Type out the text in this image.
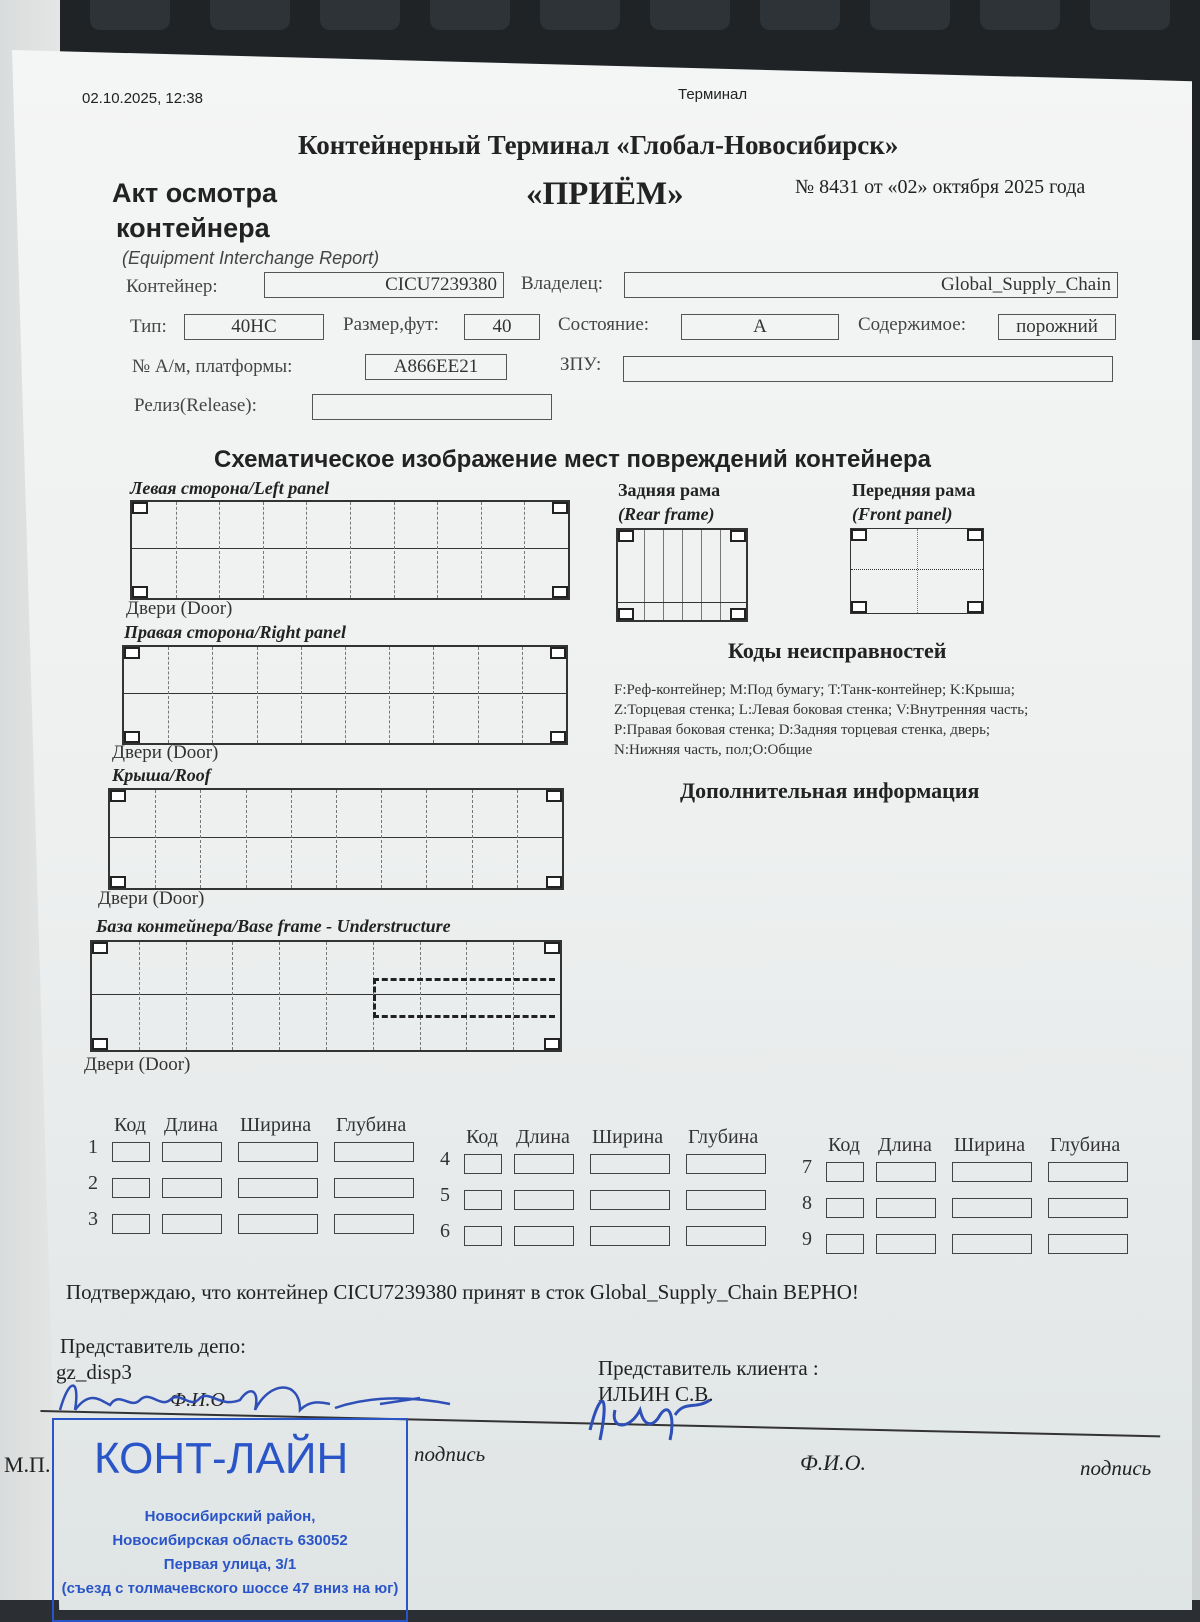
02.10.2025, 12:38	Терминал
Контейнерный Терминал «Глобал-Новосибирск»
Акт осмотра
контейнера
(Equipment Interchange Report)
«ПРИЁМ»	№ 8431 от «02» октября 2025 года
Контейнер:	CICU7239380	Владелец:	Global_Supply_Chain
Тип:	40HC	Размер,фут:	40	Состояние:	A	Содержимое:	порожний
№ А/м, платформы:	A866EE21	ЗПУ:
Релиз(Release):
Схематическое изображение мест повреждений контейнера
Левая сторона/Left panel
Двери (Door)
Правая сторона/Right panel
Двери (Door)
Крыша/Roof
Двери (Door)
База контейнера/Base frame - Understructure
Двери (Door)
Задняя рама
(Rear frame)
Передняя рама
(Front panel)
Коды неисправностей
F:Реф-контейнер; M:Под бумагу; T:Танк-контейнер; K:Крыша;
Z:Торцевая стенка; L:Левая боковая стенка; V:Внутренняя часть;
P:Правая боковая стенка; D:Задняя торцевая стенка, дверь;
N:Нижняя часть, пол;O:Общие
Дополнительная информация
Код Длина Ширина Глубина
1
2
3
Код Длина Ширина Глубина
4
5
6
Код Длина Ширина Глубина
7
8
9
Подтверждаю, что контейнер CICU7239380 принят в сток Global_Supply_Chain ВЕРНО!
Представитель депо:
gz_disp3	Представитель клиента :
ИЛЬИН С.В.
Ф.И.О
М.П.	подпись	Ф.И.О.	подпись
КОНТ-ЛАЙН
Новосибирский район,
Новосибирская область 630052
Первая улица, 3/1
(съезд с толмачевского шоссе 47 вниз на юг)
